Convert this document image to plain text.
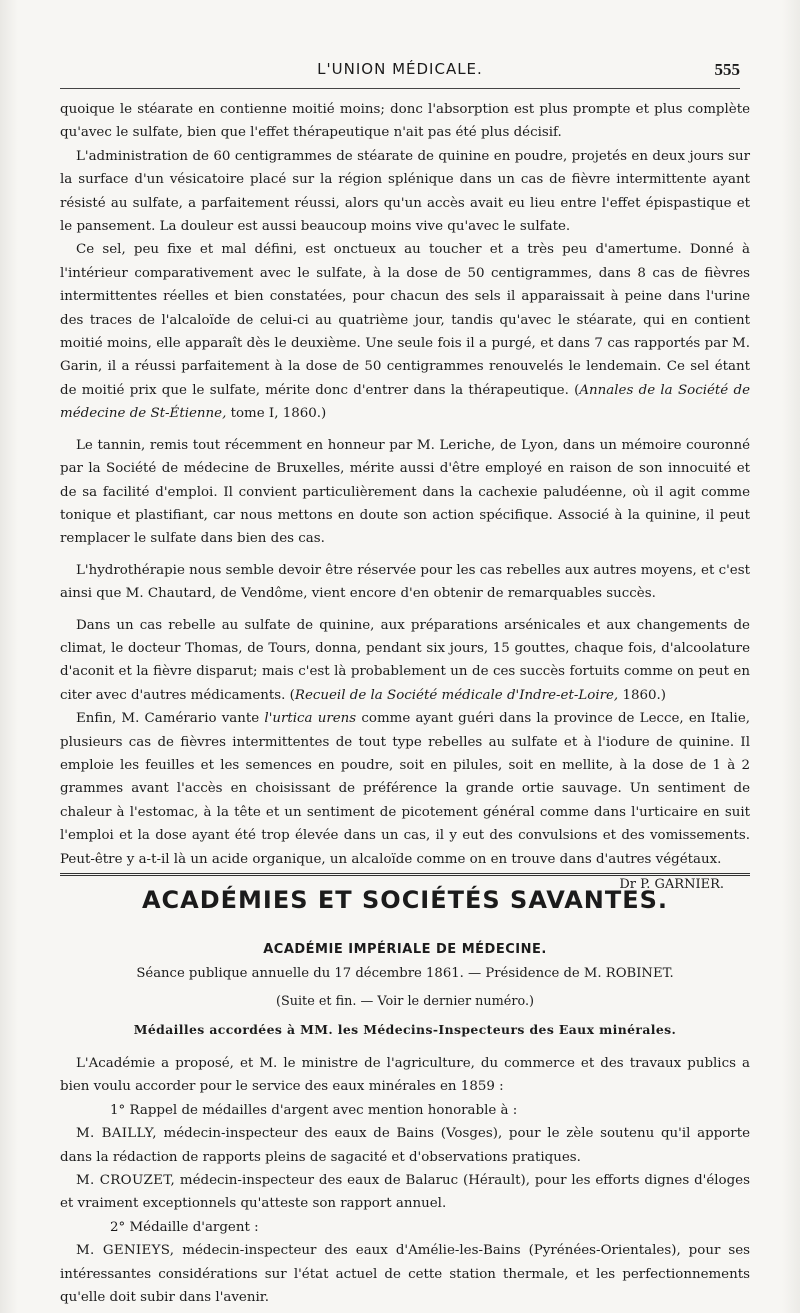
L'UNION MÉDICALE.	555

quoique le stéarate en contienne moitié moins; donc l'absorption est plus prompte et plus complète qu'avec le sulfate, bien que l'effet thérapeutique n'ait pas été plus décisif.

L'administration de 60 centigrammes de stéarate de quinine en poudre, projetés en deux jours sur la surface d'un vésicatoire placé sur la région splénique dans un cas de fièvre intermittente ayant résisté au sulfate, a parfaitement réussi, alors qu'un accès avait eu lieu entre l'effet épispastique et le pansement. La douleur est aussi beaucoup moins vive qu'avec le sulfate.

Ce sel, peu fixe et mal défini, est onctueux au toucher et a très peu d'amertume. Donné à l'intérieur comparativement avec le sulfate, à la dose de 50 centigrammes, dans 8 cas de fièvres intermittentes réelles et bien constatées, pour chacun des sels il apparaissait à peine dans l'urine des traces de l'alcaloïde de celui-ci au quatrième jour, tandis qu'avec le stéarate, qui en contient moitié moins, elle apparaît dès le deuxième. Une seule fois il a purgé, et dans 7 cas rapportés par M. Garin, il a réussi parfaitement à la dose de 50 centigrammes renouvelés le lendemain. Ce sel étant de moitié prix que le sulfate, mérite donc d'entrer dans la thérapeutique. (Annales de la Société de médecine de St-Étienne, tome I, 1860.)

Le tannin, remis tout récemment en honneur par M. Leriche, de Lyon, dans un mémoire couronné par la Société de médecine de Bruxelles, mérite aussi d'être employé en raison de son innocuité et de sa facilité d'emploi. Il convient particulièrement dans la cachexie paludéenne, où il agit comme tonique et plastifiant, car nous mettons en doute son action spécifique. Associé à la quinine, il peut remplacer le sulfate dans bien des cas.

L'hydrothérapie nous semble devoir être réservée pour les cas rebelles aux autres moyens, et c'est ainsi que M. Chautard, de Vendôme, vient encore d'en obtenir de remarquables succès.

Dans un cas rebelle au sulfate de quinine, aux préparations arsénicales et aux changements de climat, le docteur Thomas, de Tours, donna, pendant six jours, 15 gouttes, chaque fois, d'alcoolature d'aconit et la fièvre disparut; mais c'est là probablement un de ces succès fortuits comme on peut en citer avec d'autres médicaments. (Recueil de la Société médicale d'Indre-et-Loire, 1860.)

Enfin, M. Camérario vante l'urtica urens comme ayant guéri dans la province de Lecce, en Italie, plusieurs cas de fièvres intermittentes de tout type rebelles au sulfate et à l'iodure de quinine. Il emploie les feuilles et les semences en poudre, soit en pilules, soit en mellite, à la dose de 1 à 2 grammes avant l'accès en choisissant de préférence la grande ortie sauvage. Un sentiment de chaleur à l'estomac, à la tête et un sentiment de picotement général comme dans l'urticaire en suit l'emploi et la dose ayant été trop élevée dans un cas, il y eut des convulsions et des vomissements. Peut-être y a-t-il là un acide organique, un alcaloïde comme on en trouve dans d'autres végétaux.

Dr P. GARNIER.

ACADÉMIES ET SOCIÉTÉS SAVANTES.
ACADÉMIE IMPÉRIALE DE MÉDECINE.
Séance publique annuelle du 17 décembre 1861. — Présidence de M. ROBINET.
(Suite et fin. — Voir le dernier numéro.)
Médailles accordées à MM. les Médecins-Inspecteurs des Eaux minérales.

L'Académie a proposé, et M. le ministre de l'agriculture, du commerce et des travaux publics a bien voulu accorder pour le service des eaux minérales en 1859 :

1° Rappel de médailles d'argent avec mention honorable à :

M. BAILLY, médecin-inspecteur des eaux de Bains (Vosges), pour le zèle soutenu qu'il apporte dans la rédaction de rapports pleins de sagacité et d'observations pratiques.

M. CROUZET, médecin-inspecteur des eaux de Balaruc (Hérault), pour les efforts dignes d'éloges et vraiment exceptionnels qu'atteste son rapport annuel.

2° Médaille d'argent :

M. GENIEYS, médecin-inspecteur des eaux d'Amélie-les-Bains (Pyrénées-Orientales), pour ses intéressantes considérations sur l'état actuel de cette station thermale, et les perfectionnements qu'elle doit subir dans l'avenir.
